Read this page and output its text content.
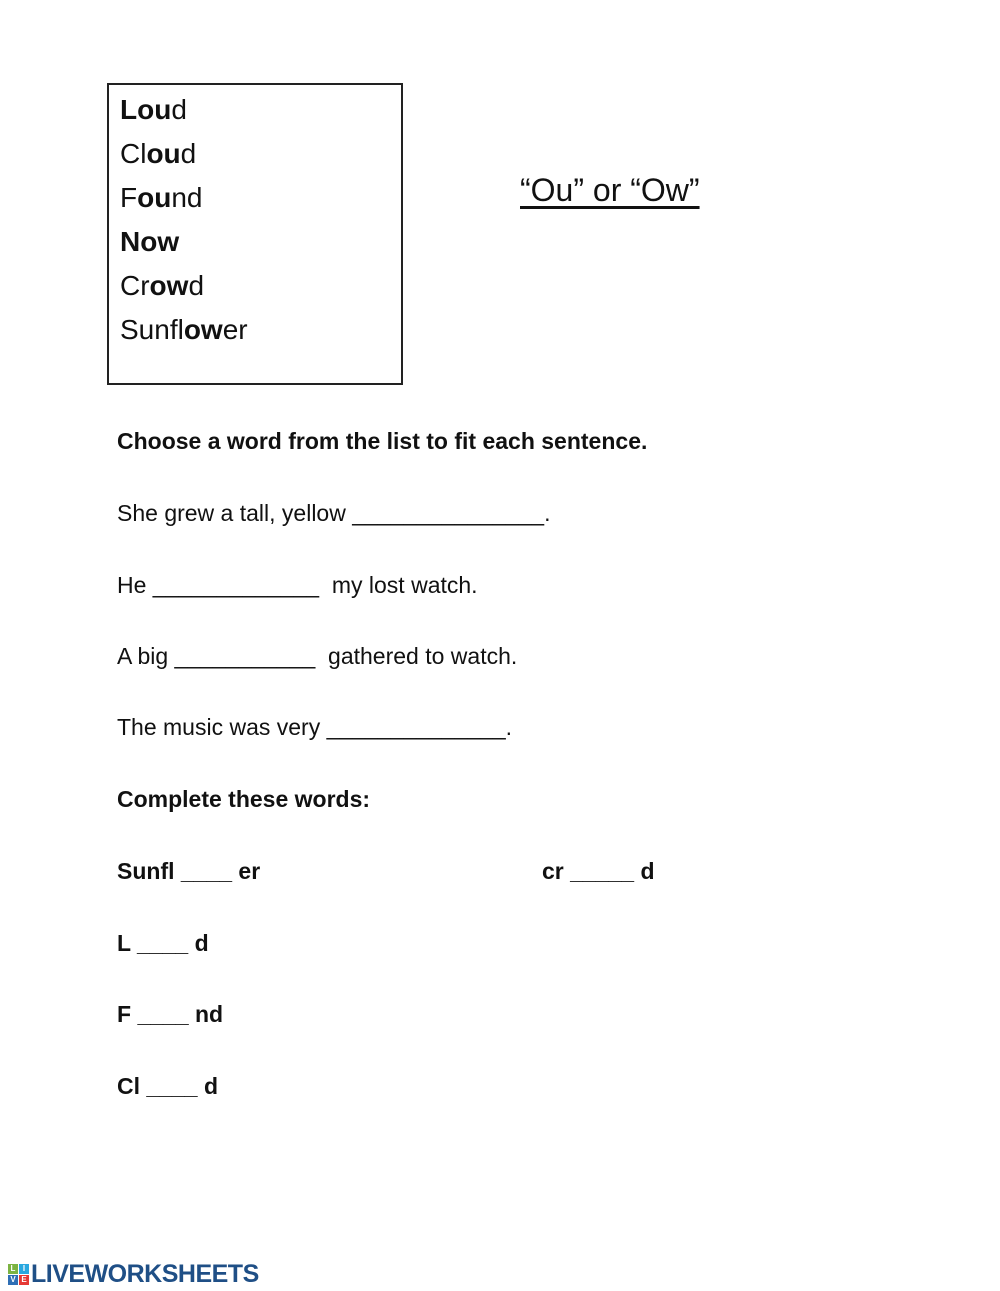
Loud
Cloud
Found
Now
Crowd
Sunflower
“Ou” or “Ow”
Choose a word from the list to fit each sentence.
She grew a tall, yellow _______________.
He _____________  my lost watch.
A big ___________  gathered to watch.
The music was very ______________.
Complete these words:
Sunfl ____ er	cr _____ d
L ____ d
F ____ nd
Cl ____ d
L I
V E LIVEWORKSHEETS
